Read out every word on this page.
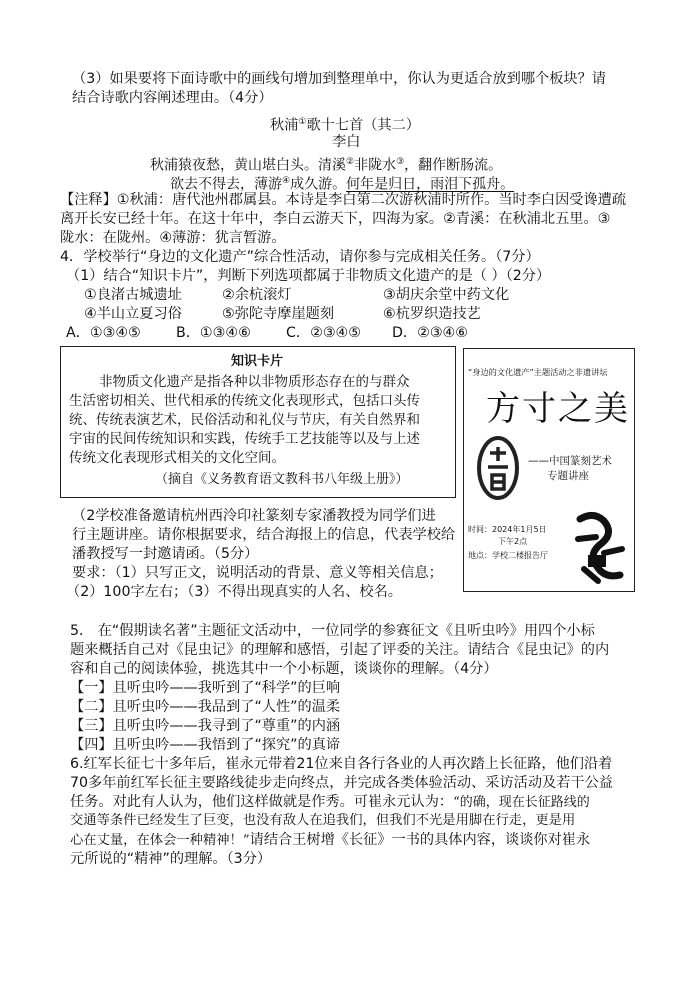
（3）如果要将下面诗歌中的画线句增加到整理单中，你认为更适合放到哪个板块？请
结合诗歌内容阐述理由。（4分）
秋浦①歌十七首（其二）
李白
秋浦猿夜愁，黄山堪白头。清溪②非陇水③，翻作断肠流。
欲去不得去，薄游④成久游。何年是归日，雨泪下孤舟。
【注释】①秋浦：唐代池州郡属县。本诗是李白第二次游秋浦时所作。当时李白因受谗遭疏
离开长安已经十年。在这十年中，李白云游天下，四海为家。②青溪：在秋浦北五里。③
陇水：在陇州。④薄游：犹言暂游。
4．学校举行“身边的文化遗产”综合性活动，请你参与完成相关任务。（7分）
（1）结合“知识卡片”，判断下列选项都属于非物质文化遗产的是（ ）（2分）
①良渚古城遗址	②余杭滚灯	③胡庆余堂中药文化
④半山立夏习俗	⑤弥陀寺摩崖题刻	⑥杭罗织造技艺
A．①③④⑤ B．①③④⑥ C．②③④⑤ D．②③④⑥
知识卡片
非物质文化遗产是指各种以非物质形态存在的与群众
生活密切相关、世代相承的传统文化表现形式，包括口头传
统、传统表演艺术，民俗活动和礼仪与节庆，有关自然界和
宇宙的民间传统知识和实践，传统手工艺技能等以及与上述
传统文化表现形式相关的文化空间。
（摘自《义务教育语文教科书八年级上册》）
“身边的文化遗产”主题活动之非遗讲坛
方寸之美
——中国篆刻艺术
专题讲座
时间：2024年1月5日
下午2点
地点：学校二楼报告厅
（2学校准备邀请杭州西泠印社篆刻专家潘教授为同学们进
行主题讲座。请你根据要求，结合海报上的信息，代表学校给
潘教授写一封邀请函。（5分）
要求：（1）只写正文，说明活动的背景、意义等相关信息；
（2）100字左右；（3）不得出现真实的人名、校名。
5． 在“假期读名著”主题征文活动中，一位同学的参赛征文《且听虫吟》用四个小标
题来概括自己对《昆虫记》的理解和感悟，引起了评委的关注。请结合《昆虫记》的内
容和自己的阅读体验，挑选其中一个小标题，谈谈你的理解。（4分）
【一】且听虫吟——我听到了“科学”的巨响
【二】且听虫吟——我品到了“人性”的温柔
【三】且听虫吟——我寻到了“尊重”的内涵
【四】且听虫吟——我悟到了“探究”的真谛
6.红军长征七十多年后，崔永元带着21位来自各行各业的人再次踏上长征路，他们沿着
70多年前红军长征主要路线徒步走向终点，并完成各类体验活动、采访活动及若干公益
任务。对此有人认为，他们这样做就是作秀。可崔永元认为：“的确，现在长征路线的
交通等条件已经发生了巨变，也没有敌人在追我们，但我们不光是用脚在行走，更是用
心在丈量，在体会一种精神！”请结合王树增《长征》一书的具体内容，谈谈你对崔永
元所说的“精神”的理解。（3分）
